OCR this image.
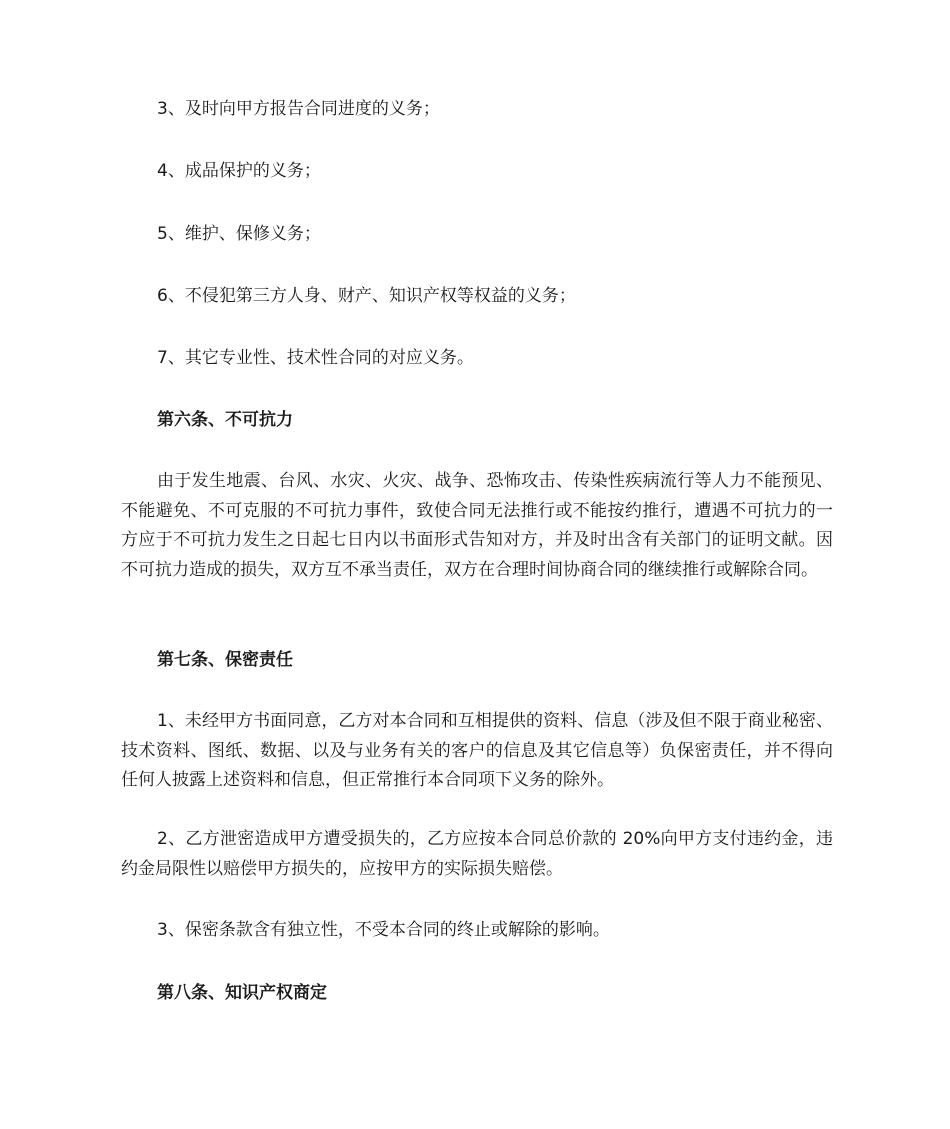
3、及时向甲方报告合同进度的义务；
4、成品保护的义务；
5、维护、保修义务；
6、不侵犯第三方人身、财产、知识产权等权益的义务；
7、其它专业性、技术性合同的对应义务。
第六条、不可抗力
由于发生地震、台风、水灾、火灾、战争、恐怖攻击、传染性疾病流行等人力不能预见、不能避免、不可克服的不可抗力事件，致使合同无法推行或不能按约推行，遭遇不可抗力的一方应于不可抗力发生之日起七日内以书面形式告知对方，并及时出含有关部门的证明文献。因不可抗力造成的损失，双方互不承当责任，双方在合理时间协商合同的继续推行或解除合同。
第七条、保密责任
1、未经甲方书面同意，乙方对本合同和互相提供的资料、信息（涉及但不限于商业秘密、技术资料、图纸、数据、以及与业务有关的客户的信息及其它信息等）负保密责任，并不得向任何人披露上述资料和信息，但正常推行本合同项下义务的除外。
2、乙方泄密造成甲方遭受损失的，乙方应按本合同总价款的 20%向甲方支付违约金，违约金局限性以赔偿甲方损失的，应按甲方的实际损失赔偿。
3、保密条款含有独立性，不受本合同的终止或解除的影响。
第八条、知识产权商定
